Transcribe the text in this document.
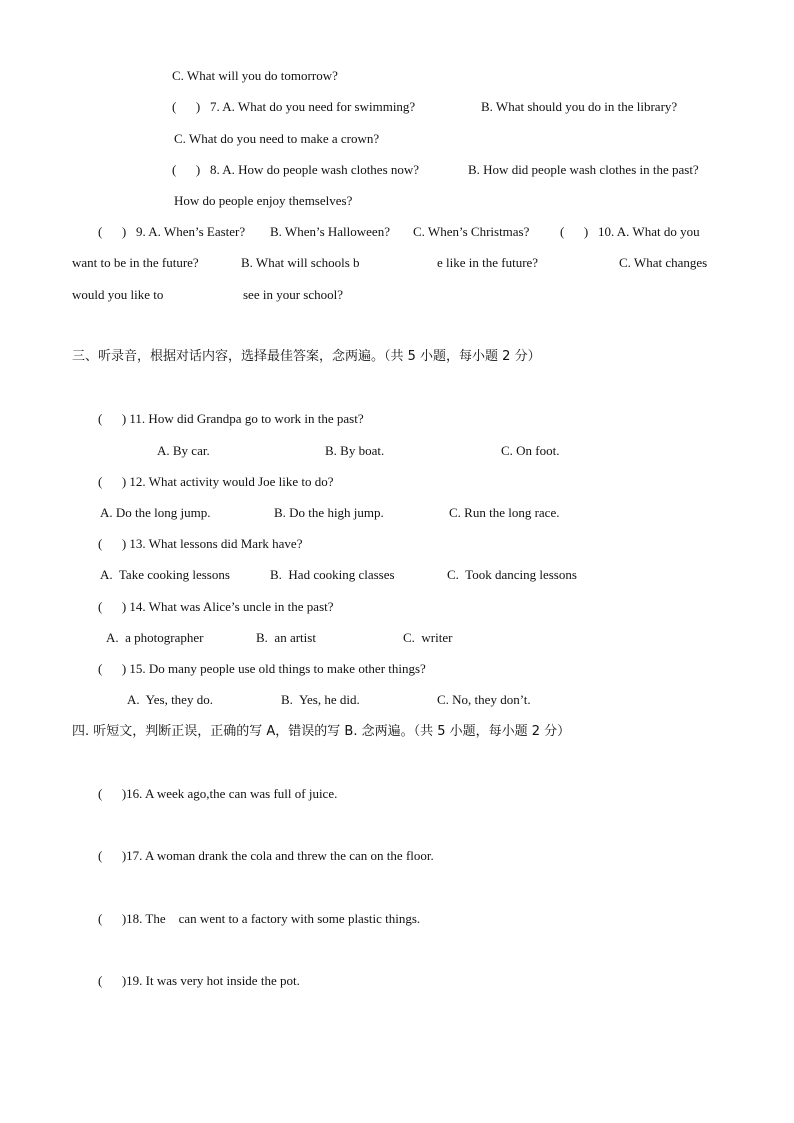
C. What will you do tomorrow?
(      ) 7. A. What do you need for swimming?	B. What should you do in the library?
C. What do you need to make a crown?
(      ) 8. A. How do people wash clothes now?	B. How did people wash clothes in the past?
How do people enjoy themselves?
(      ) 9. A. When’s Easter? B. When’s Halloween? C. When’s Christmas? (      ) 10. A. What do you
want to be in the future?	B. What will schools b	e like in the future?	C. What changes
would you like to	see in your school?
三、听录音，根据对话内容，选择最佳答案，念两遍。（共 5 小题，每小题 2 分）
(      ) 11. How did Grandpa go to work in the past?
A. By car.	B. By boat.	C. On foot.
(      ) 12. What activity would Joe like to do?
A. Do the long jump.	B. Do the high jump.	C. Run the long race.
(      ) 13. What lessons did Mark have?
A.  Take cooking lessons	B.  Had cooking classes	C.  Took dancing lessons
(      ) 14. What was Alice’s uncle in the past?
A.  a photographer	B.  an artist	C.  writer
(      ) 15. Do many people use old things to make other things?
A.  Yes, they do.	B.  Yes, he did.	C. No, they don’t.
四. 听短文，判断正误，正确的写 A，错误的写 B. 念两遍。（共 5 小题，每小题 2 分）
(      )16. A week ago,the can was full of juice.
(      )17. A woman drank the cola and threw the can on the floor.
(      )18. The    can went to a factory with some plastic things.
(      )19. It was very hot inside the pot.
